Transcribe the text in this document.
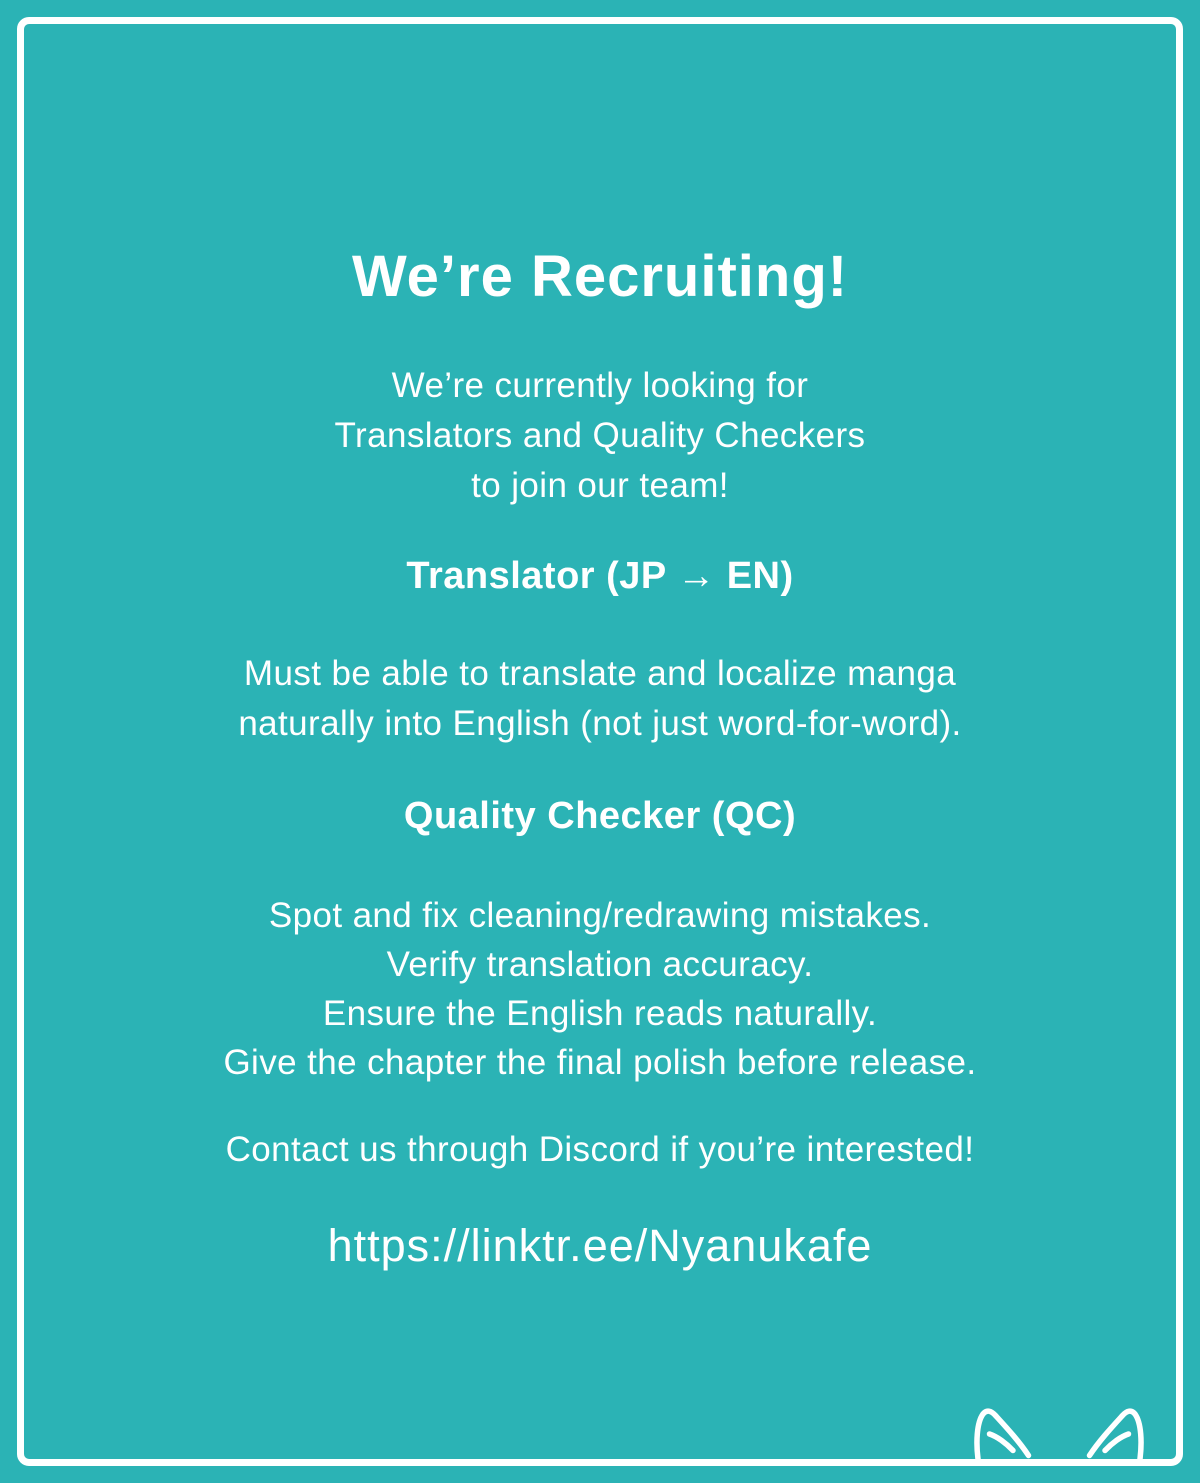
We’re Recruiting!
We’re currently looking for
Translators and Quality Checkers
to join our team!
Translator (JP → EN)
Must be able to translate and localize manga
naturally into English (not just word-for-word).
Quality Checker (QC)
Spot and fix cleaning/redrawing mistakes.
Verify translation accuracy.
Ensure the English reads naturally.
Give the chapter the final polish before release.
Contact us through Discord if you’re interested!
https://linktr.ee/Nyanukafe
